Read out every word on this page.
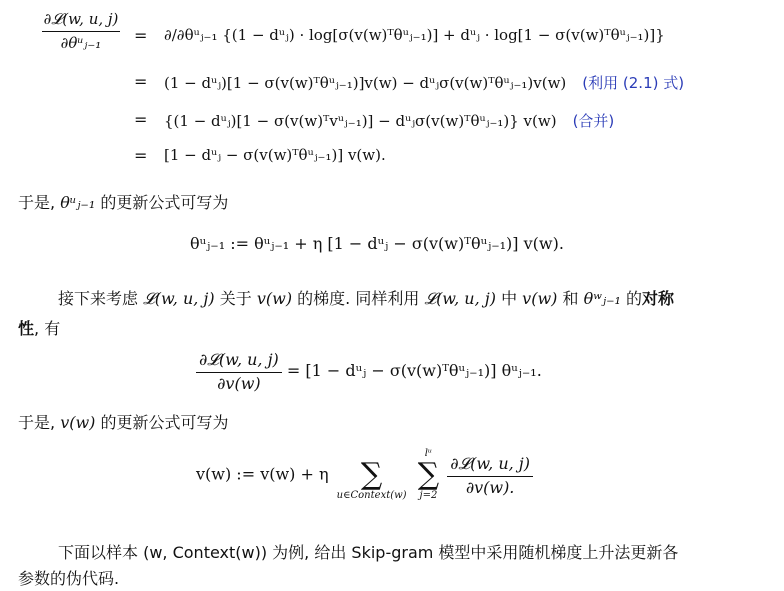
∂𝓛(w, u, j)
∂θᵘⱼ₋₁ = ∂/∂θᵘⱼ₋₁ {(1 − dᵘⱼ) · log[σ(v(w)ᵀθᵘⱼ₋₁)] + dᵘⱼ · log[1 − σ(v(w)ᵀθᵘⱼ₋₁)]}
= (1 − dᵘⱼ)[1 − σ(v(w)ᵀθᵘⱼ₋₁)]v(w) − dᵘⱼσ(v(w)ᵀθᵘⱼ₋₁)v(w) (利用 (2.1) 式)
= {(1 − dᵘⱼ)[1 − σ(v(w)ᵀvᵘⱼ₋₁)] − dᵘⱼσ(v(w)ᵀθᵘⱼ₋₁)} v(w) (合并)
= [1 − dᵘⱼ − σ(v(w)ᵀθᵘⱼ₋₁)] v(w).
于是, θᵘⱼ₋₁ 的更新公式可写为
θᵘⱼ₋₁ := θᵘⱼ₋₁ + η [1 − dᵘⱼ − σ(v(w)ᵀθᵘⱼ₋₁)] v(w).
接下来考虑 𝓛(w, u, j) 关于 v(w) 的梯度. 同样利用 𝓛(w, u, j) 中 v(w) 和 θʷⱼ₋₁ 的对称
性, 有
∂𝓛(w, u, j)
∂v(w)
= [1 − dᵘⱼ − σ(v(w)ᵀθᵘⱼ₋₁)] θᵘⱼ₋₁.
于是, v(w) 的更新公式可写为
v(w) := v(w) + η
∑
u∈Context(w)

lᵘ
∑
j=2

∂𝓛(w, u, j)
∂v(w).
下面以样本 (w, Context(w)) 为例, 给出 Skip-gram 模型中采用随机梯度上升法更新各
参数的伪代码.
